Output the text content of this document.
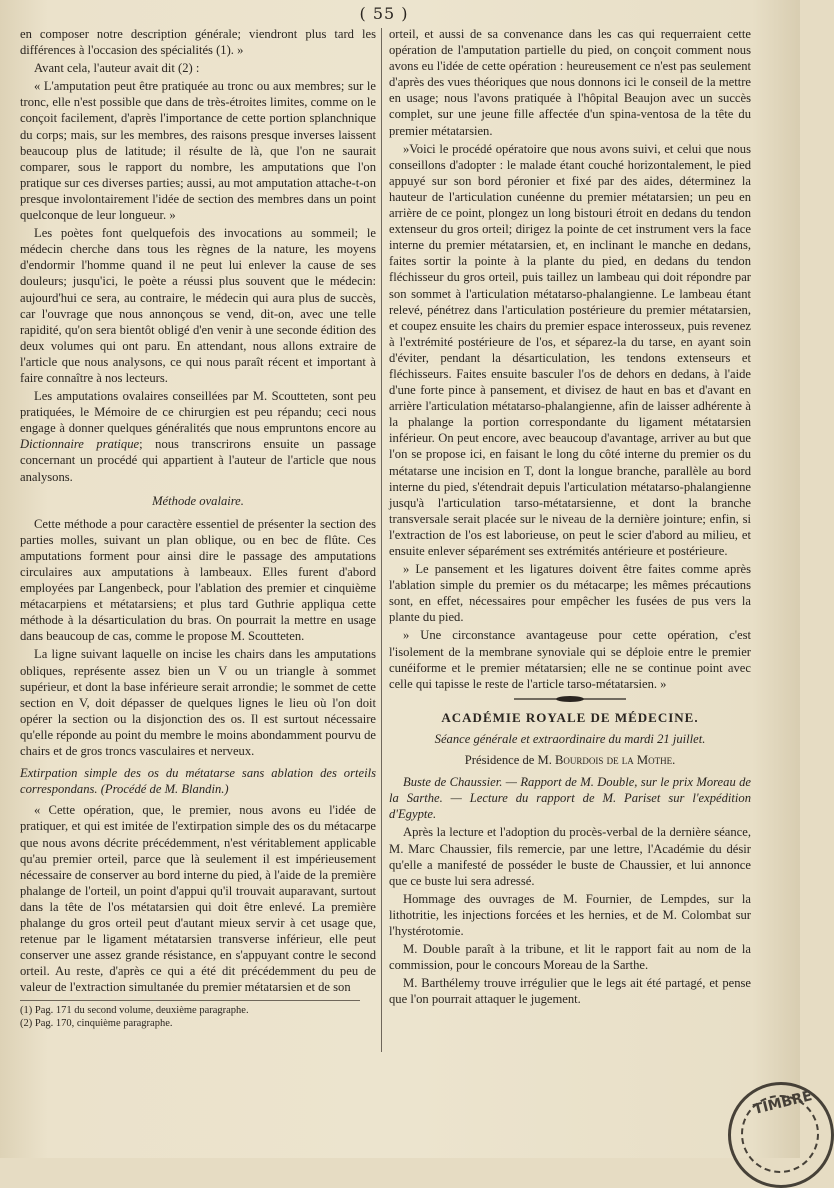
( 55 )

en composer notre description générale; viendront plus tard les différences à l'occasion des spécialités (1). »

Avant cela, l'auteur avait dit (2) :

« L'amputation peut être pratiquée au tronc ou aux membres; sur le tronc, elle n'est possible que dans de très-étroites limites, comme on le conçoit facilement, d'après l'importance de cette portion splanchnique du corps; mais, sur les membres, des raisons presque inverses laissent beaucoup plus de latitude; il résulte de là, que l'on ne saurait comparer, sous le rapport du nombre, les amputations que l'on pratique sur ces diverses parties; aussi, au mot amputation attache-t-on presque involontairement l'idée de section des membres dans un point quelconque de leur longueur. »

Les poètes font quelquefois des invocations au sommeil; le médecin cherche dans tous les règnes de la nature, les moyens d'endormir l'homme quand il ne peut lui enlever la cause de ses douleurs; jusqu'ici, le poète a réussi plus souvent que le médecin: aujourd'hui ce sera, au contraire, le médecin qui aura plus de succès, car l'ouvrage que nous annonçous se vend, dit-on, avec une telle rapidité, qu'on sera bientôt obligé d'en venir à une seconde édition des deux volumes qui ont paru. En attendant, nous allons extraire de l'article que nous analysons, ce qui nous paraît récent et important à faire connaître à nos lecteurs.

Les amputations ovalaires conseillées par M. Scoutteten, sont peu pratiquées, le Mémoire de ce chirurgien est peu répandu; ceci nous engage à donner quelques généralités que nous empruntons encore au Dictionnaire pratique; nous transcrirons ensuite un passage concernant un procédé qui appartient à l'auteur de l'article que nous analysons.

Méthode ovalaire.

Cette méthode a pour caractère essentiel de présenter la section des parties molles, suivant un plan oblique, ou en bec de flûte. Ces amputations forment pour ainsi dire le passage des amputations circulaires aux amputations à lambeaux. Elles furent d'abord employées par Langenbeck, pour l'ablation des premier et cinquième métacarpiens et métatarsiens; et plus tard Guthrie appliqua cette méthode à la désarticulation du bras. On pourrait la mettre en usage dans beaucoup de cas, comme le propose M. Scoutteten.

La ligne suivant laquelle on incise les chairs dans les amputations obliques, représente assez bien un V ou un triangle à sommet supérieur, et dont la base inférieure serait arrondie; le sommet de cette section en V, doit dépasser de quelques lignes le lieu où l'on doit opérer la section ou la disjonction des os. Il est surtout nécessaire qu'elle réponde au point du membre le moins abondamment pourvu de chairs et de gros troncs vasculaires et nerveux.

Extirpation simple des os du métatarse sans ablation des orteils correspondans. (Procédé de M. Blandin.)

« Cette opération, que, le premier, nous avons eu l'idée de pratiquer, et qui est imitée de l'extirpation simple des os du métacarpe que nous avons décrite précédemment, n'est véritablement applicable qu'au premier orteil, parce que là seulement il est impérieusement nécessaire de conserver au bord interne du pied, à l'aide de la première phalange de l'orteil, un point d'appui qu'il trouvait auparavant, surtout dans la tête de l'os métatarsien qui doit être enlevé. La première phalange du gros orteil peut d'autant mieux servir à cet usage que, retenue par le ligament métatarsien transverse inférieur, elle peut conserver une assez grande résistance, en s'appuyant contre le second orteil. Au reste, d'après ce qui a été dit précédemment du peu de valeur de l'extraction simultanée du premier métatarsien et de son

(1) Pag. 171 du second volume, deuxième paragraphe.
(2) Pag. 170, cinquième paragraphe.

orteil, et aussi de sa convenance dans les cas qui requerraient cette opération de l'amputation partielle du pied, on conçoit comment nous avons eu l'idée de cette opération : heureusement ce n'est pas seulement d'après des vues théoriques que nous donnons ici le conseil de la mettre en usage; nous l'avons pratiquée à l'hôpital Beaujon avec un succès complet, sur une jeune fille affectée d'un spina-ventosa de la tête du premier métatarsien.

»Voici le procédé opératoire que nous avons suivi, et celui que nous conseillons d'adopter : le malade étant couché horizontalement, le pied appuyé sur son bord péronier et fixé par des aides, déterminez la hauteur de l'articulation cunéenne du premier métatarsien; un peu en arrière de ce point, plongez un long bistouri étroit en dedans du tendon extenseur du gros orteil; dirigez la pointe de cet instrument vers la face interne du premier métatarsien, et, en inclinant le manche en dedans, faites sortir la pointe à la plante du pied, en dedans du tendon fléchisseur du gros orteil, puis taillez un lambeau qui doit répondre par son sommet à l'articulation métatarso-phalangienne. Le lambeau étant relevé, pénétrez dans l'articulation postérieure du premier métatarsien, et coupez ensuite les chairs du premier espace interosseux, puis revenez à l'extrémité postérieure de l'os, et séparez-la du tarse, en ayant soin d'éviter, pendant la désarticulation, les tendons extenseurs et fléchisseurs. Faites ensuite basculer l'os de dehors en dedans, à l'aide d'une forte pince à pansement, et divisez de haut en bas et d'avant en arrière l'articulation métatarso-phalangienne, afin de laisser adhérente à la phalange la portion correspondante du ligament métatarsien inférieur. On peut encore, avec beaucoup d'avantage, arriver au but que l'on se propose ici, en faisant le long du côté interne du premier os du métatarse une incision en T, dont la longue branche, parallèle au bord interne du pied, s'étendrait depuis l'articulation métatarso-phalangienne jusqu'à l'articulation tarso-métatarsienne, et dont la branche transversale serait placée sur le niveau de la dernière jointure; enfin, si l'extraction de l'os est laborieuse, on peut le scier d'abord au milieu, et ensuite enlever séparément ses extrémités antérieure et postérieure.

» Le pansement et les ligatures doivent être faites comme après l'ablation simple du premier os du métacarpe; les mêmes précautions sont, en effet, nécessaires pour empêcher les fusées de pus vers la plante du pied.

» Une circonstance avantageuse pour cette opération, c'est l'isolement de la membrane synoviale qui se déploie entre le premier cunéiforme et le premier métatarsien; elle ne se continue point avec celle qui tapisse le reste de l'article tarso-métatarsien. »

ACADÉMIE ROYALE DE MÉDECINE.

Séance générale et extraordinaire du mardi 21 juillet.

Présidence de M. Bourdois de la Mothe.

Buste de Chaussier. — Rapport de M. Double, sur le prix Moreau de la Sarthe. — Lecture du rapport de M. Pariset sur l'expédition d'Egypte.

Après la lecture et l'adoption du procès-verbal de la dernière séance, M. Marc Chaussier, fils remercie, par une lettre, l'Académie du désir qu'elle a manifesté de posséder le buste de Chaussier, et lui annonce que ce buste lui sera adressé.

Hommage des ouvrages de M. Fournier, de Lempdes, sur la lithotritie, les injections forcées et les hernies, et de M. Colombat sur l'hystérotomie.

M. Double paraît à la tribune, et lit le rapport fait au nom de la commission, pour le concours Moreau de la Sarthe.

M. Barthélemy trouve irrégulier que le legs ait été partagé, et pense que l'on pourrait attaquer le jugement.

TIMBRE
